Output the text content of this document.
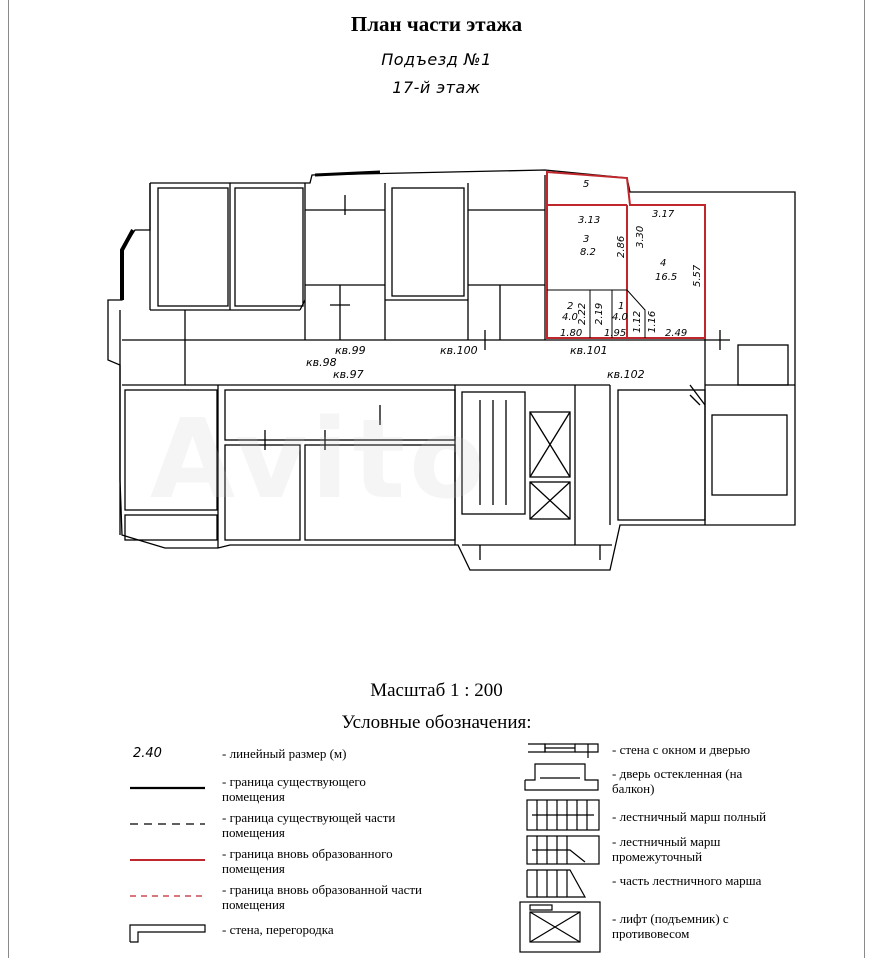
План части этажа
Подъезд №1
17-й этаж
5
3
8.2
4
16.5
2
4.0
1
4.0
3.13
3.17
2.86 3.30
5.57
2.22 2.19	1.12 1.16
1.80 1.95	2.49
кв.99
кв.98
кв.97
кв.100	кв.101
кв.102
Avito
Масштаб 1 : 200
Условные обозначения:
2.40	- линейный размер (м)
- граница существующего помещения
- граница существующей части помещения
- граница вновь образованного помещения
- граница вновь образованной части помещения
- стена, перегородка
- стена с окном и дверью
- дверь остекленная (на балкон)
- лестничный марш полный
- лестничный марш промежуточный
- часть лестничного марша
- лифт (подъемник) с противовесом
